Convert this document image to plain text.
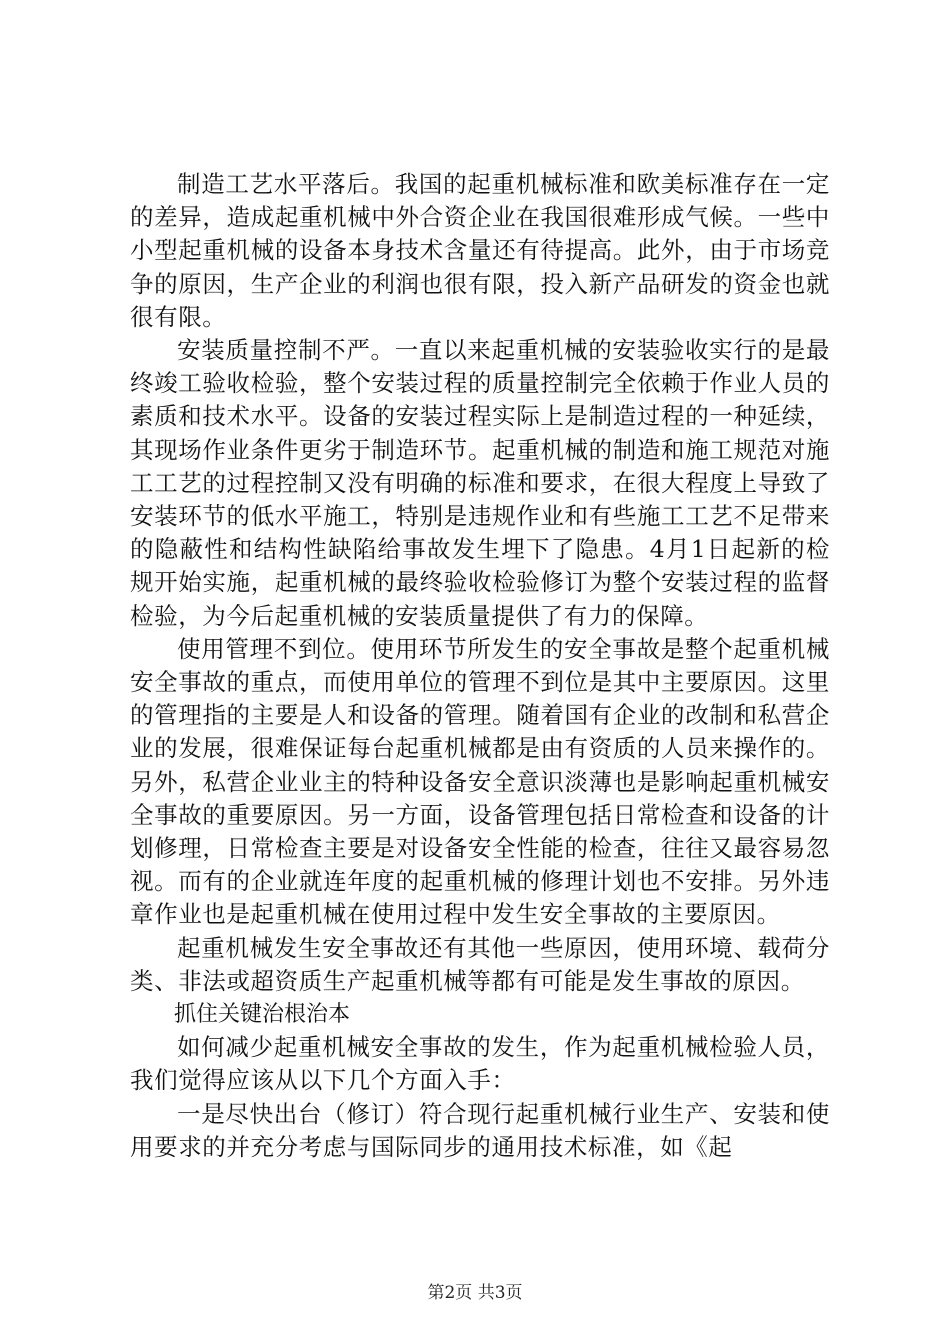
制造工艺水平落后。我国的起重机械标准和欧美标准存在一定的差异，造成起重机械中外合资企业在我国很难形成气候。一些中小型起重机械的设备本身技术含量还有待提高。此外，由于市场竞争的原因，生产企业的利润也很有限，投入新产品研发的资金也就很有限。

安装质量控制不严。一直以来起重机械的安装验收实行的是最终竣工验收检验，整个安装过程的质量控制完全依赖于作业人员的素质和技术水平。设备的安装过程实际上是制造过程的一种延续，其现场作业条件更劣于制造环节。起重机械的制造和施工规范对施工工艺的过程控制又没有明确的标准和要求，在很大程度上导致了安装环节的低水平施工，特别是违规作业和有些施工工艺不足带来的隐蔽性和结构性缺陷给事故发生埋下了隐患。4月1日起新的检规开始实施，起重机械的最终验收检验修订为整个安装过程的监督检验，为今后起重机械的安装质量提供了有力的保障。

使用管理不到位。使用环节所发生的安全事故是整个起重机械安全事故的重点，而使用单位的管理不到位是其中主要原因。这里的管理指的主要是人和设备的管理。随着国有企业的改制和私营企业的发展，很难保证每台起重机械都是由有资质的人员来操作的。另外，私营企业业主的特种设备安全意识淡薄也是影响起重机械安全事故的重要原因。另一方面，设备管理包括日常检查和设备的计划修理，日常检查主要是对设备安全性能的检查，往往又最容易忽视。而有的企业就连年度的起重机械的修理计划也不安排。另外违章作业也是起重机械在使用过程中发生安全事故的主要原因。

起重机械发生安全事故还有其他一些原因，使用环境、载荷分类、非法或超资质生产起重机械等都有可能是发生事故的原因。

抓住关键治根治本

如何减少起重机械安全事故的发生，作为起重机械检验人员，我们觉得应该从以下几个方面入手：

一是尽快出台（修订）符合现行起重机械行业生产、安装和使用要求的并充分考虑与国际同步的通用技术标准，如《起

第2页 共3页
